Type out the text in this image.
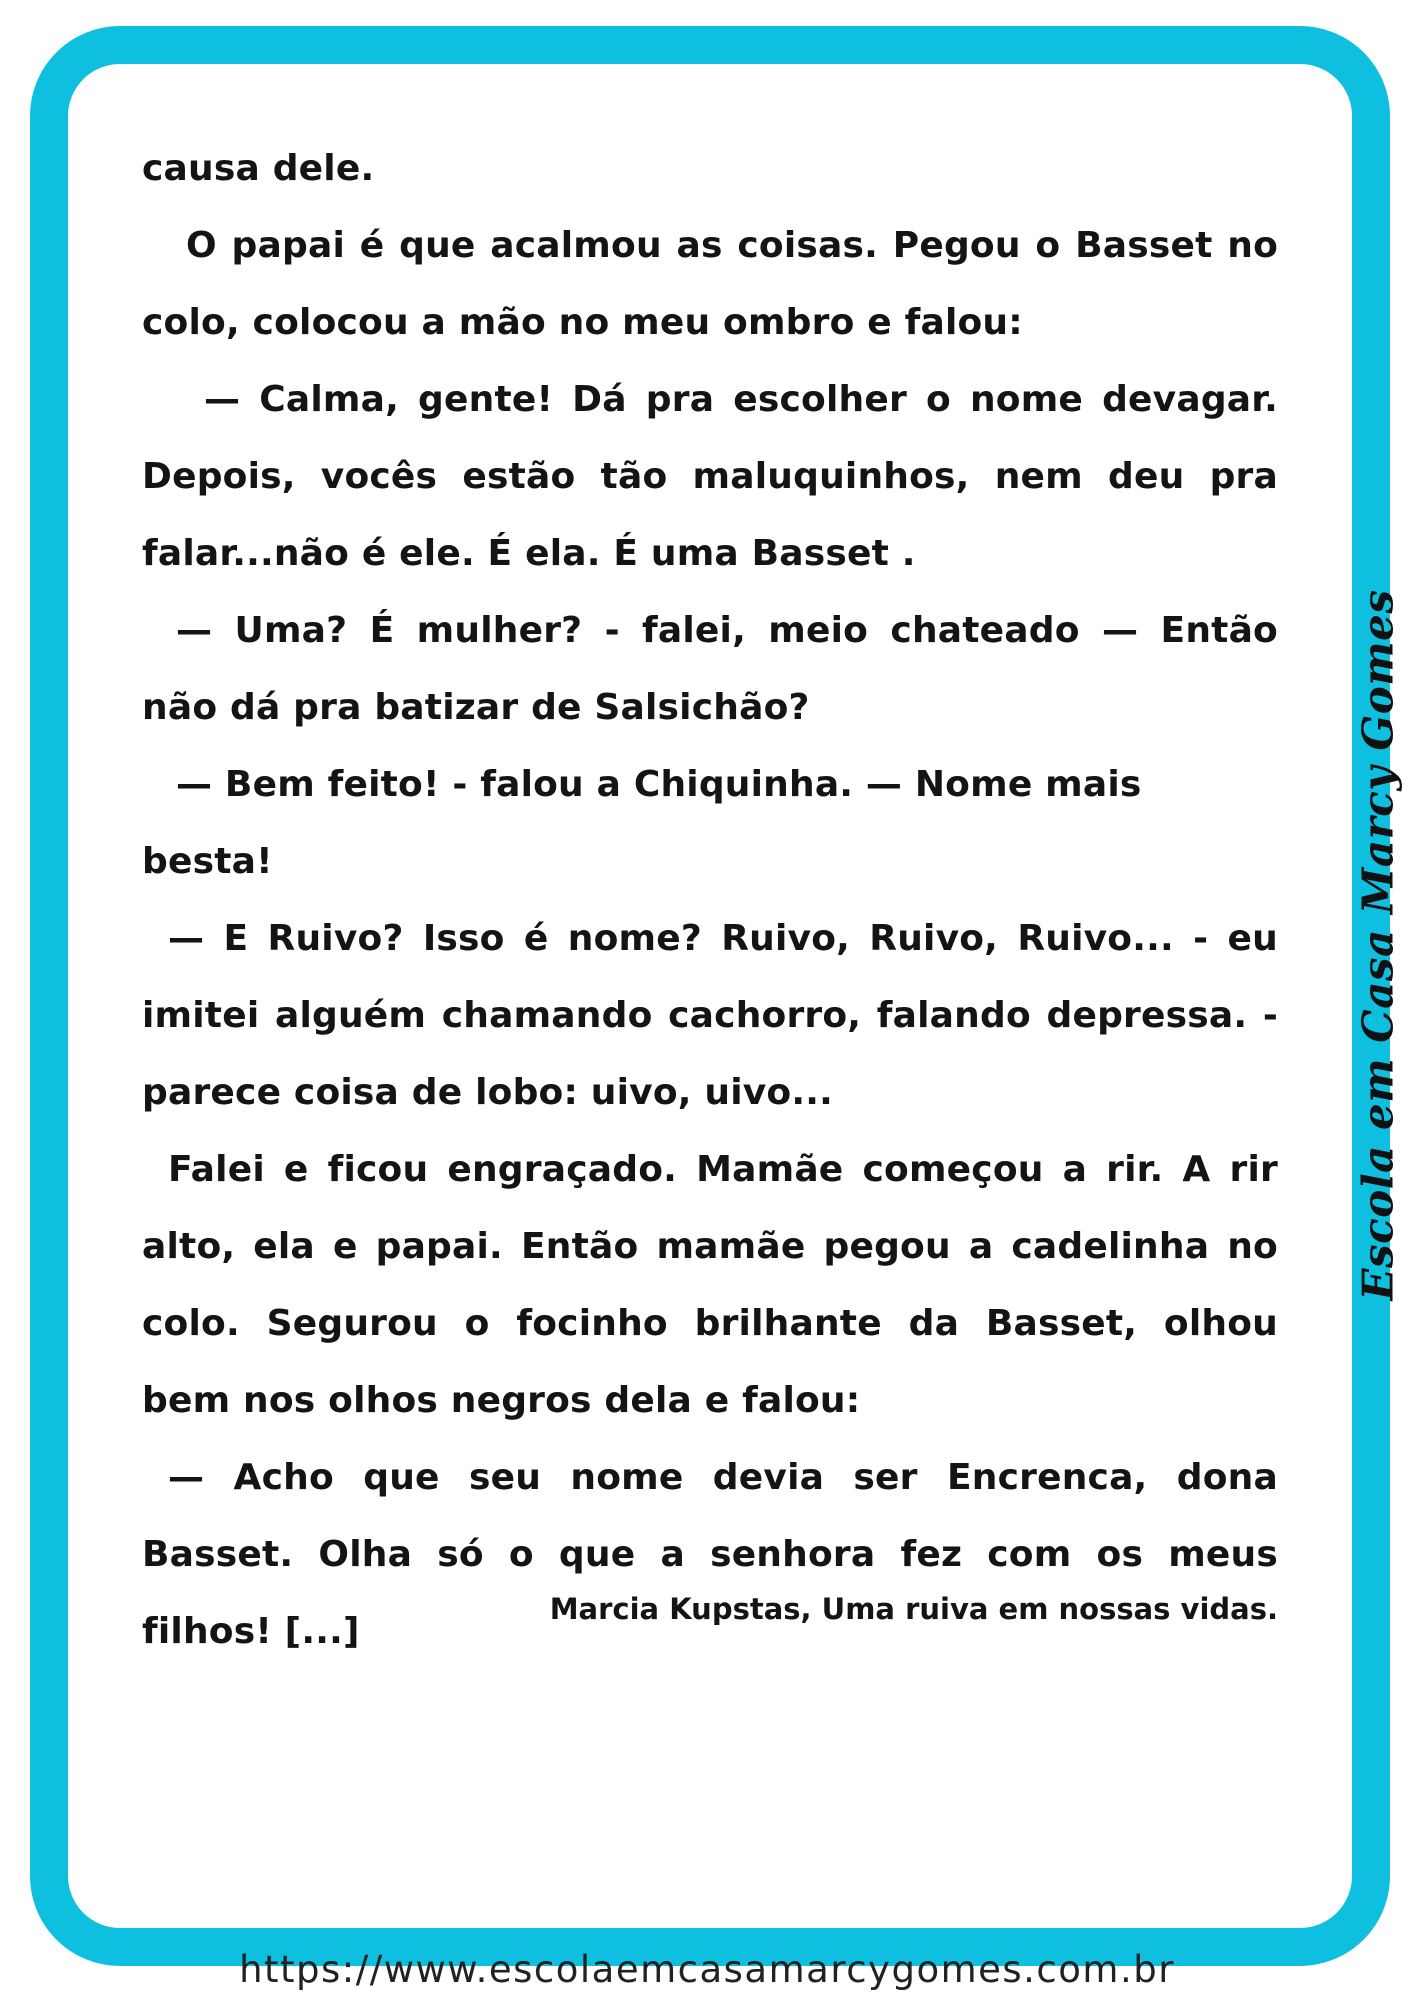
causa dele.

O papai é que acalmou as coisas. Pegou o Basset no colo, colocou a mão no meu ombro e falou:

— Calma, gente! Dá pra escolher o nome devagar. Depois, vocês estão tão maluquinhos, nem deu pra falar...não é ele. É ela. É uma Basset .

— Uma? É mulher? - falei, meio chateado — Então não dá pra batizar de Salsichão?

— Bem feito! - falou a Chiquinha. — Nome mais besta!

— E Ruivo? Isso é nome? Ruivo, Ruivo, Ruivo... - eu imitei alguém chamando cachorro, falando depressa. - parece coisa de lobo: uivo, uivo...

Falei e ficou engraçado. Mamãe começou a rir. A rir alto, ela e papai. Então mamãe pegou a cadelinha no colo. Segurou o focinho brilhante da Basset, olhou bem nos olhos negros dela e falou:

— Acho que seu nome devia ser Encrenca, dona Basset. Olha só o que a senhora fez com os meus filhos! [...]

Marcia Kupstas, Uma ruiva em nossas vidas.
Escola em Casa Marcy Gomes
https://www.escolaemcasamarcygomes.com.br
